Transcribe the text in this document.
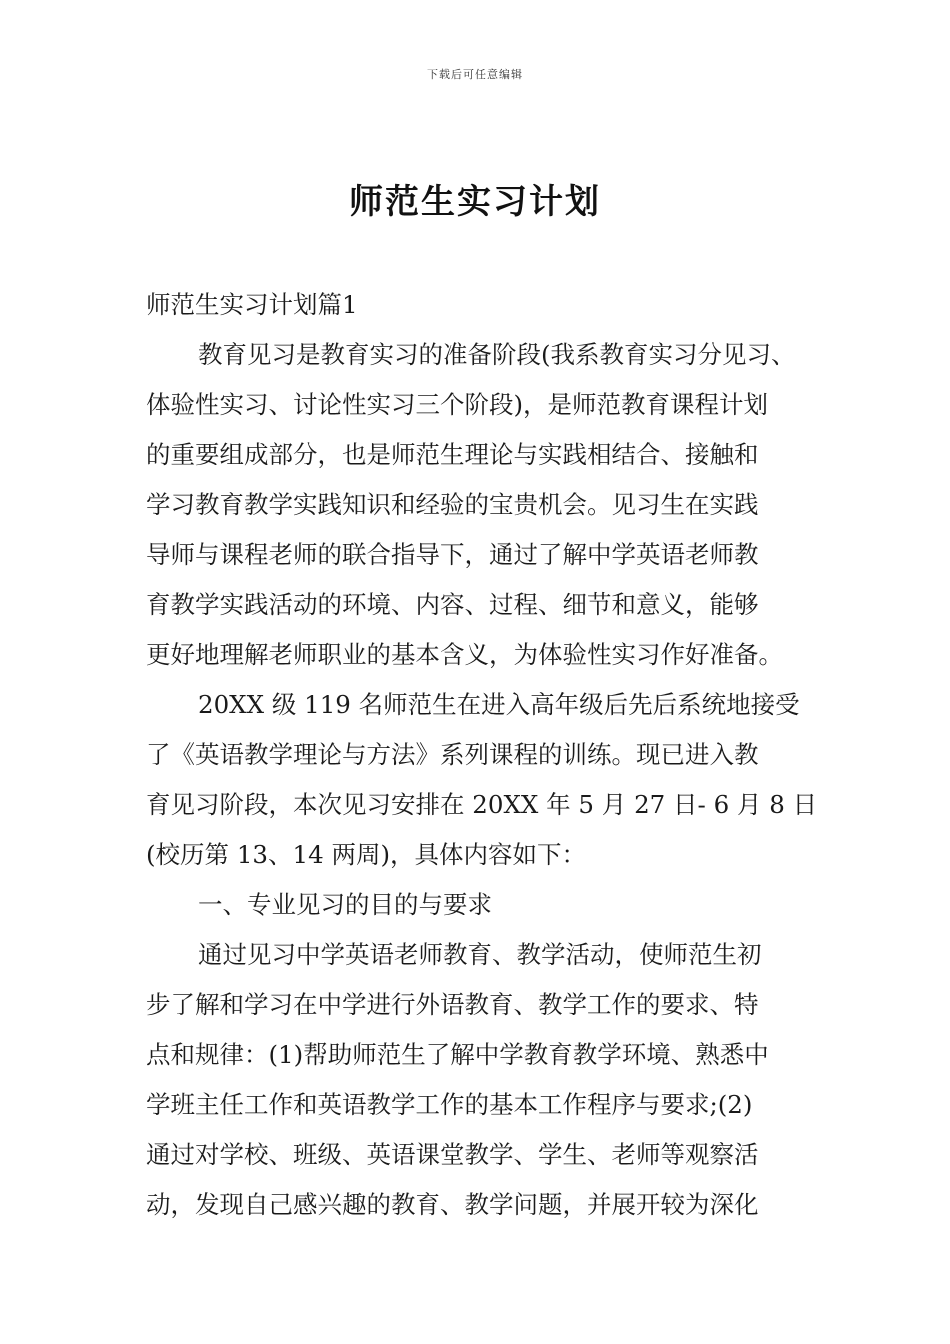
下载后可任意编辑
师范生实习计划
师范生实习计划篇1
教育见习是教育实习的准备阶段(我系教育实习分见习、
体验性实习、讨论性实习三个阶段)，是师范教育课程计划
的重要组成部分，也是师范生理论与实践相结合、接触和
学习教育教学实践知识和经验的宝贵机会。见习生在实践
导师与课程老师的联合指导下，通过了解中学英语老师教
育教学实践活动的环境、内容、过程、细节和意义，能够
更好地理解老师职业的基本含义，为体验性实习作好准备。
20XX 级 119 名师范生在进入高年级后先后系统地接受
了《英语教学理论与方法》系列课程的训练。现已进入教
育见习阶段，本次见习安排在 20XX 年 5 月 27 日- 6 月 8 日
(校历第 13、14 两周)，具体内容如下：
一、专业见习的目的与要求
通过见习中学英语老师教育、教学活动，使师范生初
步了解和学习在中学进行外语教育、教学工作的要求、特
点和规律：(1)帮助师范生了解中学教育教学环境、熟悉中
学班主任工作和英语教学工作的基本工作程序与要求;(2)
通过对学校、班级、英语课堂教学、学生、老师等观察活
动，发现自己感兴趣的教育、教学问题，并展开较为深化
